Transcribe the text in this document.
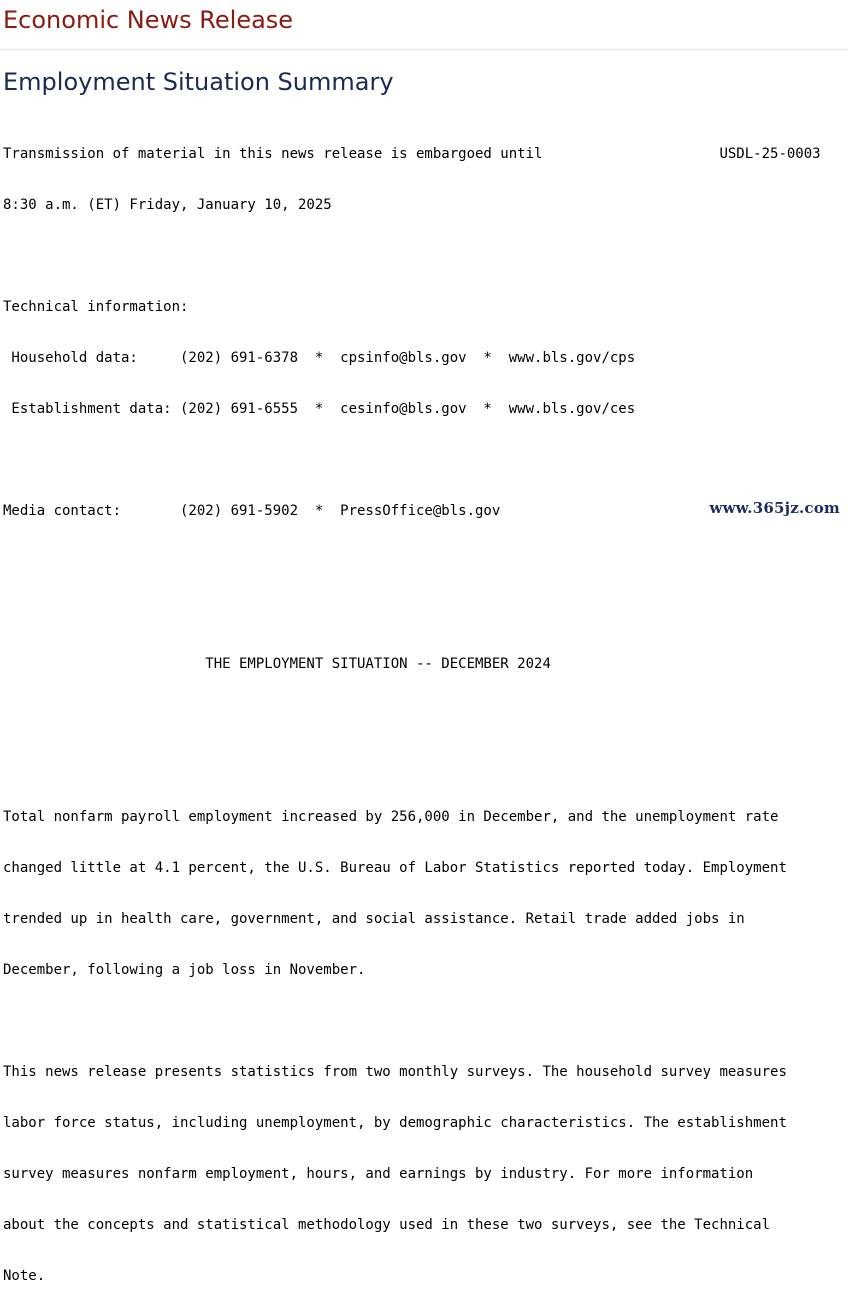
Economic News Release
Employment Situation Summary

Transmission of material in this news release is embargoed until                     USDL-25-0003

8:30 a.m. (ET) Friday, January 10, 2025

Technical information:

Household data:     (202) 691-6378  *  cpsinfo@bls.gov  *  www.bls.gov/cps

Establishment data: (202) 691-6555  *  cesinfo@bls.gov  *  www.bls.gov/ces

Media contact:       (202) 691-5902  *  PressOffice@bls.gov

THE EMPLOYMENT SITUATION -- DECEMBER 2024

Total nonfarm payroll employment increased by 256,000 in December, and the unemployment rate

changed little at 4.1 percent, the U.S. Bureau of Labor Statistics reported today. Employment

trended up in health care, government, and social assistance. Retail trade added jobs in

December, following a job loss in November.

This news release presents statistics from two monthly surveys. The household survey measures

labor force status, including unemployment, by demographic characteristics. The establishment

survey measures nonfarm employment, hours, and earnings by industry. For more information

about the concepts and statistical methodology used in these two surveys, see the Technical

Note.

www.365jz.com
